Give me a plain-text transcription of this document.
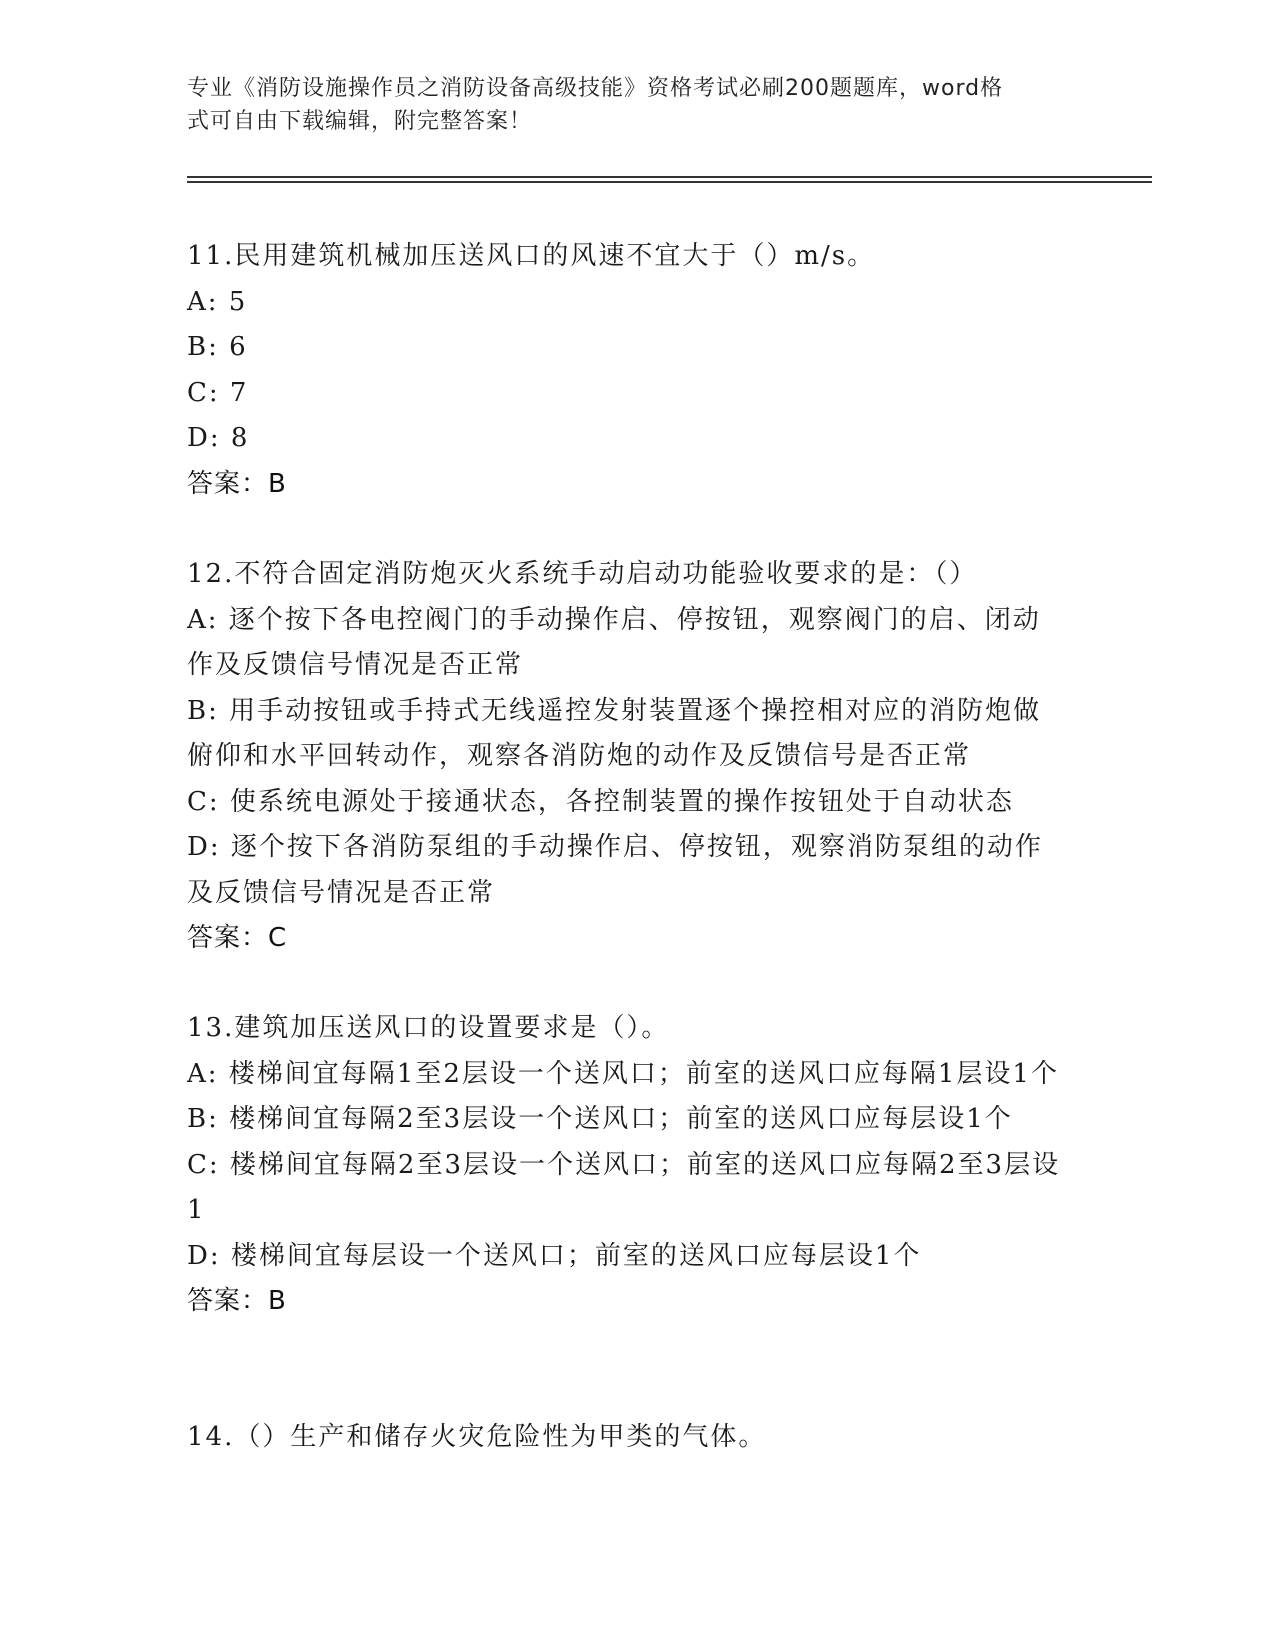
专业《消防设施操作员之消防设备高级技能》资格考试必刷200题题库，word格
式可自由下载编辑，附完整答案！
11.民用建筑机械加压送风口的风速不宜大于（）m/s。
A: 5
B: 6
C: 7
D: 8
答案：B
12.不符合固定消防炮灭火系统手动启动功能验收要求的是：（）
A: 逐个按下各电控阀门的手动操作启、停按钮，观察阀门的启、闭动作及反馈信号情况是否正常
B: 用手动按钮或手持式无线遥控发射装置逐个操控相对应的消防炮做俯仰和水平回转动作，观察各消防炮的动作及反馈信号是否正常
C: 使系统电源处于接通状态，各控制装置的操作按钮处于自动状态
D: 逐个按下各消防泵组的手动操作启、停按钮，观察消防泵组的动作及反馈信号情况是否正常
答案：C
13.建筑加压送风口的设置要求是（）。
A: 楼梯间宜每隔1至2层设一个送风口；前室的送风口应每隔1层设1个
B: 楼梯间宜每隔2至3层设一个送风口；前室的送风口应每层设1个
C: 楼梯间宜每隔2至3层设一个送风口；前室的送风口应每隔2至3层设1
D: 楼梯间宜每层设一个送风口；前室的送风口应每层设1个
答案：B
14.（）生产和储存火灾危险性为甲类的气体。
